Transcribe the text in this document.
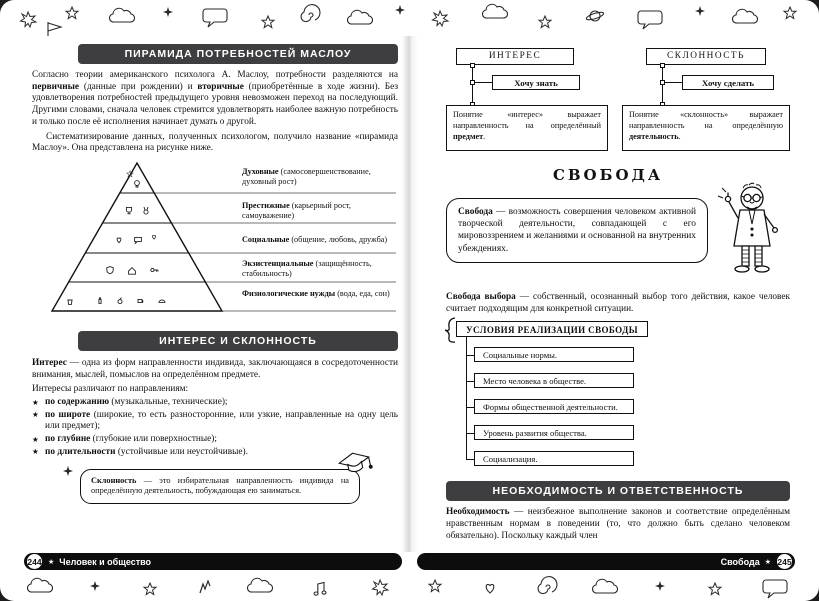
ПИРАМИДА ПОТРЕБНОСТЕЙ МАСЛОУ

Согласно теории американского психолога А. Маслоу, потребности разделяются на первичные (данные при рождении) и вторичные (приобретённые в ходе жизни). Без удовлетворения потребностей предыдущего уровня невозможен переход на последующий. Другими словами, сначала человек стремится удовлетворять наиболее важную потребность и только после её исполнения начинает думать о другой.

Систематизирование данных, полученных психологом, получило название «пирамида Маслоу». Она представлена на рисунке ниже.

Духовные (самосовершенствование, духовный рост)
Престижные (карьерный рост, самоуважение)
Социальные (общение, любовь, дружба)
Экзистенциальные (защищённость, стабильность)
Физиологические нужды (вода, еда, сон)
ИНТЕРЕС И СКЛОННОСТЬ

Интерес — одна из форм направленности индивида, заключающаяся в сосредоточенности внимания, мыслей, помыслов на определённом предмете.

Интересы различают по направлениям:

★ по содержанию (музыкальные, технические);
★ по широте (широкие, то есть разносторонние, или узкие, направленные на одну цель или предмет);
★ по глубине (глубокие или поверхностные);
★ по длительности (устойчивые или неустойчивые).
Склонность — это избирательная направленность индивида на определённую деятельность, побуждающая ею заниматься.
ИНТЕРЕС	СКЛОННОСТЬ
Хочу знать	Хочу сделать
Понятие «интерес» выражает направленность на определённый предмет.
Понятие «склонность» выражает направленность на определённую деятельность.
СВОБОДА
Свобода — возможность совершения человеком активной творческой деятельности, совпадающей с его мировоззрением и желаниями и основанной на внутренних убеждениях.

Свобода выбора — собственный, осознанный выбор того действия, какое человек считает подходящим для конкретной ситуации.

УСЛОВИЯ РЕАЛИЗАЦИИ СВОБОДЫ
Социальные нормы.
Место человека в обществе.
Формы общественной деятельности.
Уровень развития общества.
Социализация.
НЕОБХОДИМОСТЬ И ОТВЕТСТВЕННОСТЬ

Необходимость — неизбежное выполнение законов и соответствие определённым нравственным нормам в поведении (то, что должно быть сделано человеком обязательно). Поскольку каждый член

244 ★ Человек и общество	Свобода ★ 245
